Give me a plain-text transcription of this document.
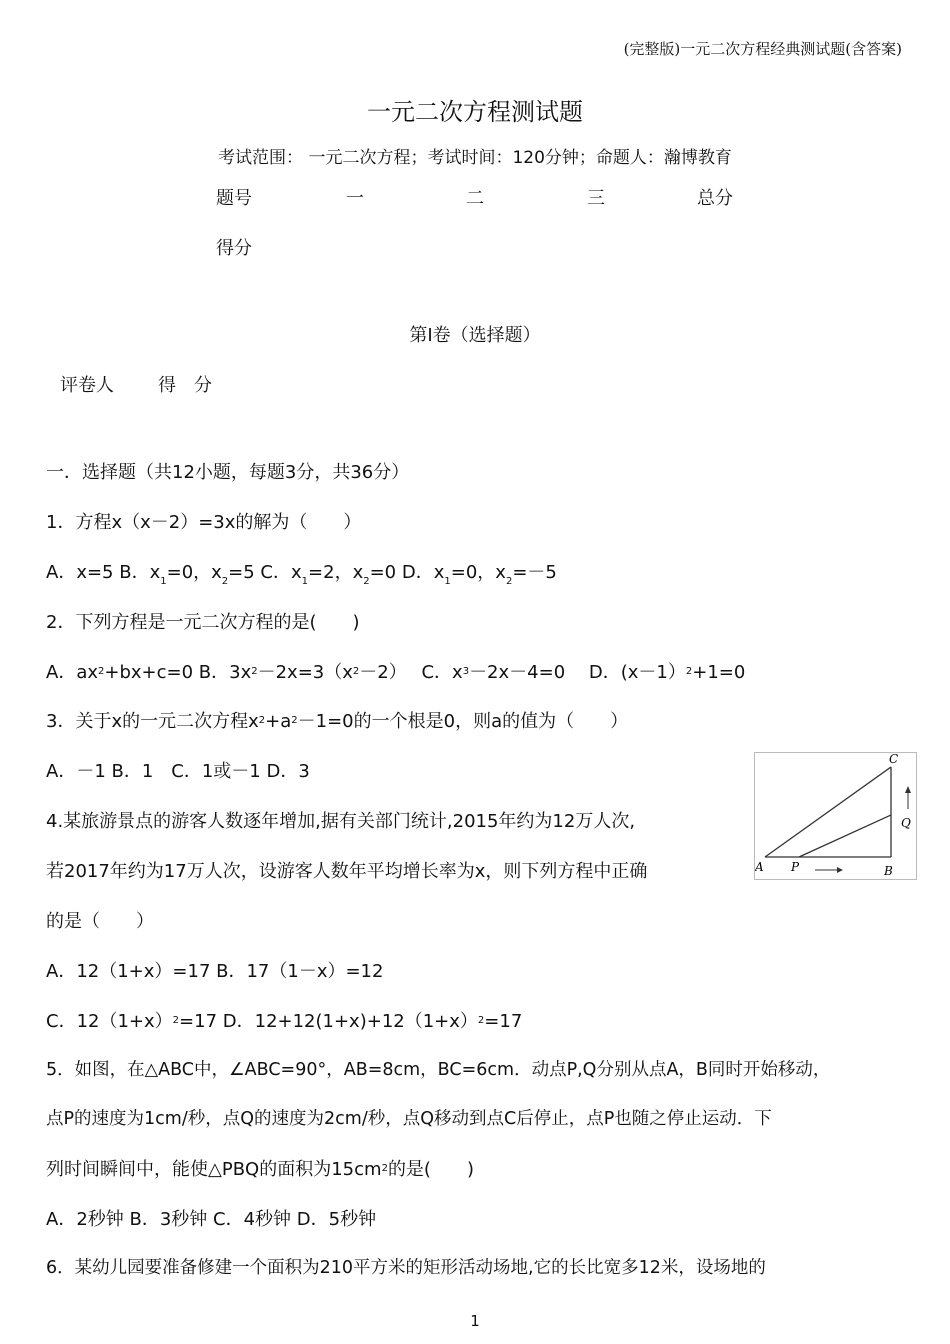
(完整版)一元二次方程经典测试题(含答案)
一元二次方程测试题
考试范围： 一元二次方程；考试时间：120分钟；命题人：瀚博教育
题号	一	二	三	总分
得分
第Ⅰ卷（选择题）
评卷人 得　分
一．选择题（共12小题，每题3分，共36分）
1．方程x（x－2）=3x的解为（　　）
A．x=5 B．$x_1=0$，$x_2=5$ C．$x_1=2$，$x_2=0$ D．$x_1=0$，$x_2=-5$
2．下列方程是一元二次方程的是(　　)
A．$ax^2+bx+c=0$ B．$3x^2-2x=3(x^2-2)$　 C．$x^3-2x-4=0$　 D．(x－1）$^2$+1=0
3．关于x的一元二次方程$x^2+a^2-1=0$的一个根是0，则a的值为（　　）
A．－1 B．1　C．1或－1 D．3
C
A P	B
Q
4.某旅游景点的游客人数逐年增加,据有关部门统计,2015年约为12万人次,
若2017年约为17万人次，设游客人数年平均增长率为x，则下列方程中正确
的是（　　）
A．12（1+x）=17 B．17（1－x）=12
C．$12(1+x)^2=17$ D．$12+12(1+x)+12(1+x)^2=17$
5．如图，在△ABC中，∠ABC=90°，AB=8cm，BC=6cm．动点P,Q分别从点A，B同时开始移动，
点P的速度为1cm/秒，点Q的速度为2cm/秒，点Q移动到点C后停止，点P也随之停止运动．下
列时间瞬间中，能使△PBQ的面积为$15cm^2$的是(　　)
A．2秒钟 B．3秒钟 C．4秒钟 D．5秒钟
6．某幼儿园要准备修建一个面积为210平方米的矩形活动场地,它的长比宽多12米，设场地的
1
